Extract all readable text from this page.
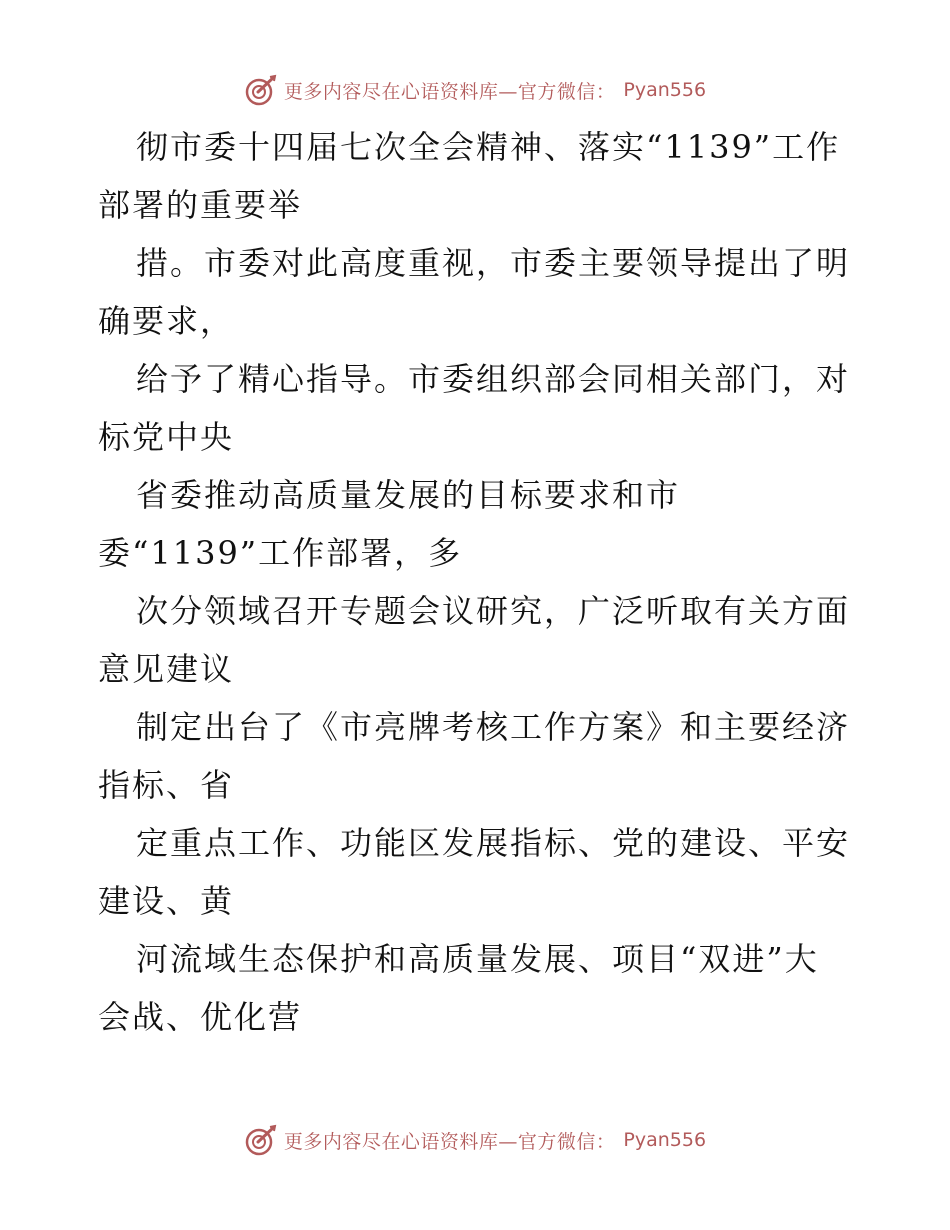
更多内容尽在心语资料库—官方微信： Pyan556
彻市委十四届七次全会精神、落实“1139”工作
部署的重要举
措。市委对此高度重视，市委主要领导提出了明
确要求，
给予了精心指导。市委组织部会同相关部门，对
标党中央
省委推动高质量发展的目标要求和市
委“1139”工作部署，多
次分领域召开专题会议研究，广泛听取有关方面
意见建议
制定出台了《市亮牌考核工作方案》和主要经济
指标、省
定重点工作、功能区发展指标、党的建设、平安
建设、黄
河流域生态保护和高质量发展、项目“双进”大
会战、优化营
更多内容尽在心语资料库—官方微信： Pyan556
